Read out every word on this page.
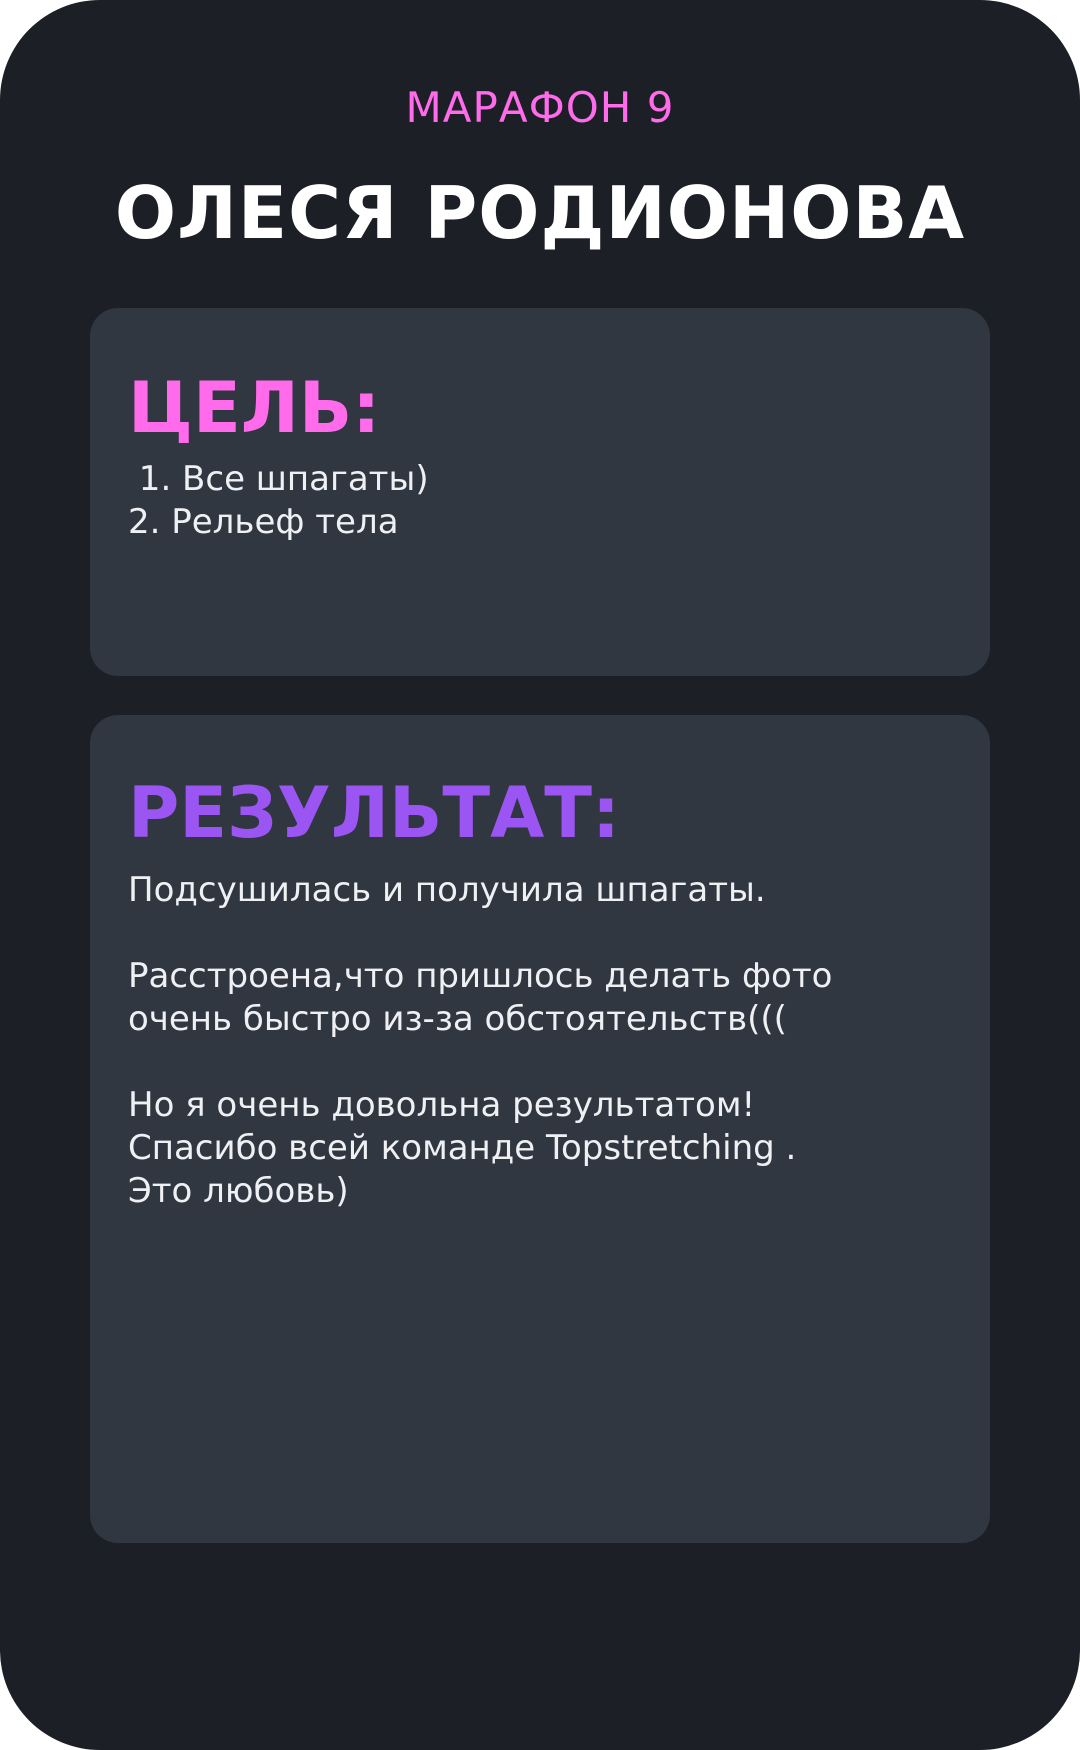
МАРАФОН 9
ОЛЕСЯ РОДИОНОВА
ЦЕЛЬ:
1. Все шпагаты)
2. Рельеф тела
РЕЗУЛЬТАТ:
Подсушилась и получила шпагаты.
Расстроена,что пришлось делать фото
очень быстро из-за обстоятельств(((
Но я очень довольна результатом!
Спасибо всей команде Topstretching .
Это любовь)
